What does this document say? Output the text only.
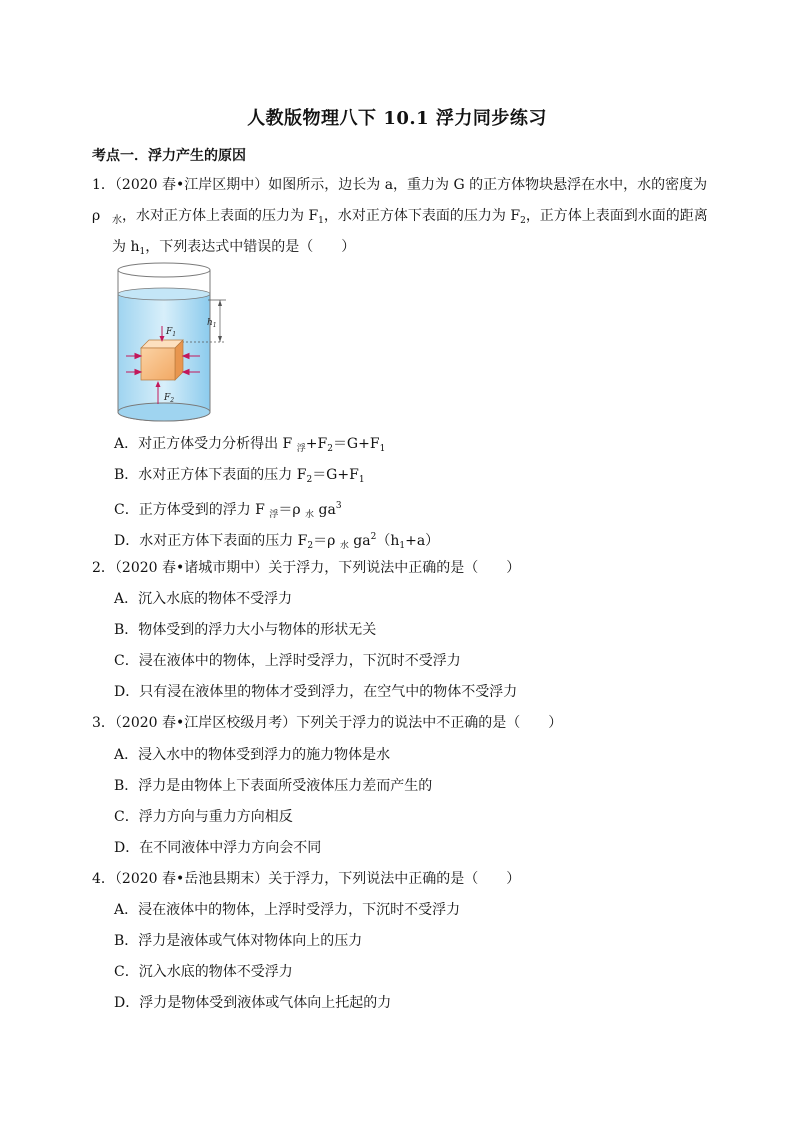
人教版物理八下 10.1 浮力同步练习
考点一．浮力产生的原因
1．（2020 春•江岸区期中）如图所示，边长为 a，重力为 G 的正方体物块悬浮在水中，水的密度为 ρ	$_水$，水对正方体上表面的压力为 $F_1$，水对正方体下表面的压力为 $F_2$，正方体上表面到水面的距离
为 $h_1$，下列表达式中错误的是（　　）
$h_1$
$F_1$
$F_2$
A．对正方体受力分析得出 F $_浮+F_2=G+F_1$
B．水对正方体下表面的压力 $F_2=G+F_1$
C．正方体受到的浮力 F $_浮$＝ρ $_水$ $ga^3$
D．水对正方体下表面的压力 $F_2=\rho$ $_水$ $ga^2(h_1+a)$
2．（2020 春•诸城市期中）关于浮力，下列说法中正确的是（　　）
A．沉入水底的物体不受浮力
B．物体受到的浮力大小与物体的形状无关
C．浸在液体中的物体，上浮时受浮力，下沉时不受浮力
D．只有浸在液体里的物体才受到浮力，在空气中的物体不受浮力
3．（2020 春•江岸区校级月考）下列关于浮力的说法中不正确的是（　　）
A．浸入水中的物体受到浮力的施力物体是水
B．浮力是由物体上下表面所受液体压力差而产生的
C．浮力方向与重力方向相反
D．在不同液体中浮力方向会不同
4．（2020 春•岳池县期末）关于浮力，下列说法中正确的是（　　）
A．浸在液体中的物体，上浮时受浮力，下沉时不受浮力
B．浮力是液体或气体对物体向上的压力
C．沉入水底的物体不受浮力
D．浮力是物体受到液体或气体向上托起的力
